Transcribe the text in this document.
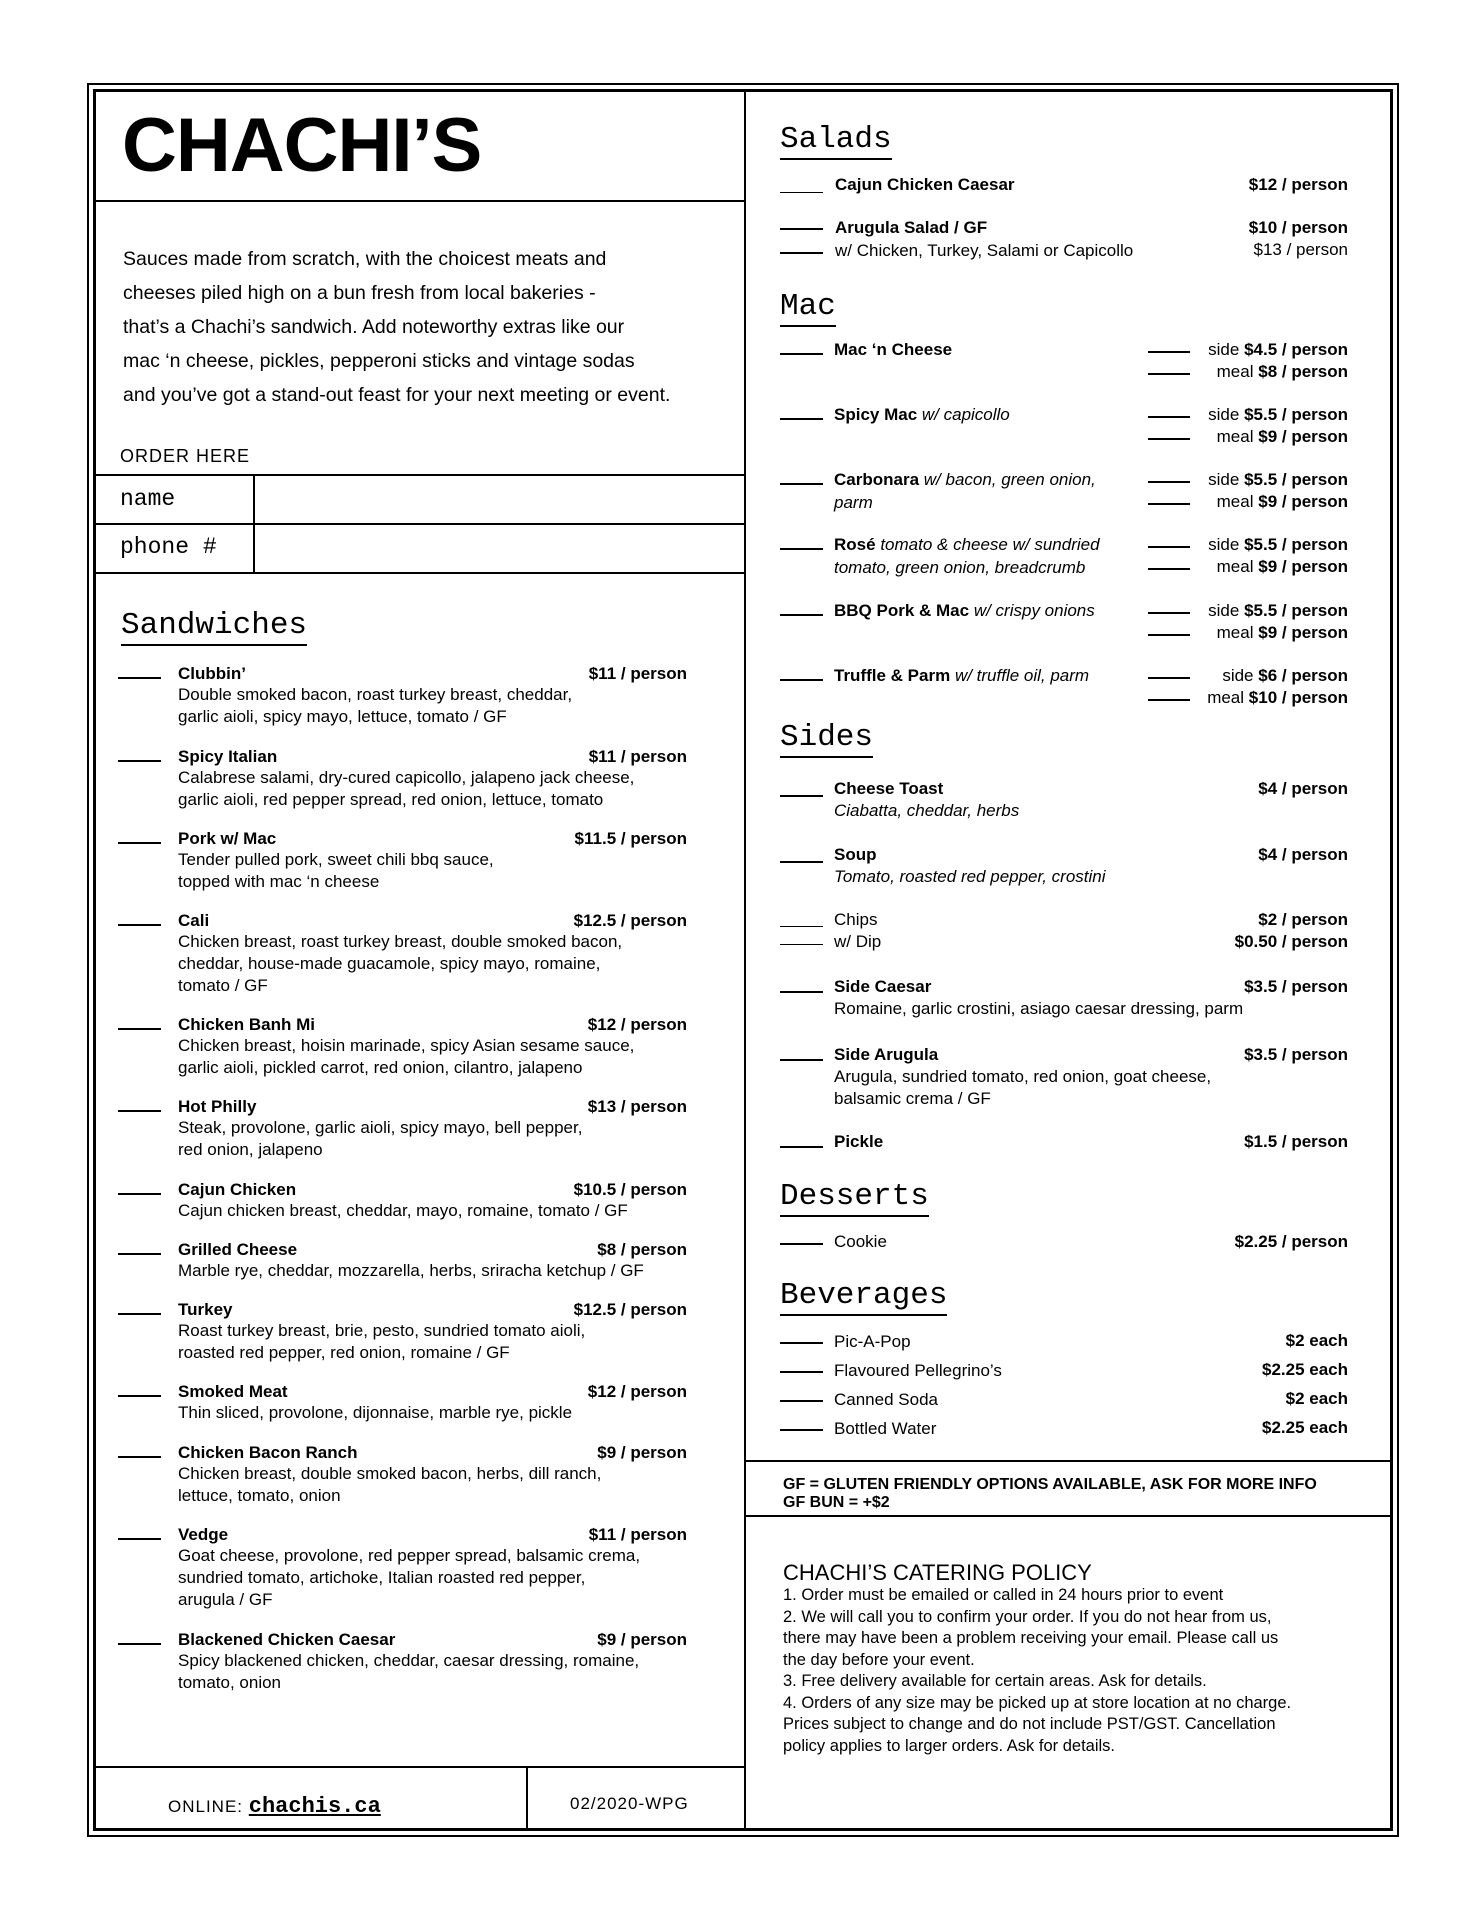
CHACHI’S
Sauces made from scratch, with the choicest meats and
cheeses piled high on a bun fresh from local bakeries -
that’s a Chachi’s sandwich. Add noteworthy extras like our
mac ‘n cheese, pickles, pepperoni sticks and vintage sodas
and you’ve got a stand-out feast for your next meeting or event.
ORDER HERE
name
phone #
Sandwiches
Clubbin’	$11 / person
Double smoked bacon, roast turkey breast, cheddar,
garlic aioli, spicy mayo, lettuce, tomato / GF
Spicy Italian	$11 / person
Calabrese salami, dry-cured capicollo, jalapeno jack cheese,
garlic aioli, red pepper spread, red onion, lettuce, tomato
Pork w/ Mac	$11.5 / person
Tender pulled pork, sweet chili bbq sauce,
topped with mac ‘n cheese
Cali	$12.5 / person
Chicken breast, roast turkey breast, double smoked bacon,
cheddar, house-made guacamole, spicy mayo, romaine,
tomato / GF
Chicken Banh Mi	$12 / person
Chicken breast, hoisin marinade, spicy Asian sesame sauce,
garlic aioli, pickled carrot, red onion, cilantro, jalapeno
Hot Philly	$13 / person
Steak, provolone, garlic aioli, spicy mayo, bell pepper,
red onion, jalapeno
Cajun Chicken	$10.5 / person
Cajun chicken breast, cheddar, mayo, romaine, tomato / GF
Grilled Cheese	$8 / person
Marble rye, cheddar, mozzarella, herbs, sriracha ketchup / GF
Turkey	$12.5 / person
Roast turkey breast, brie, pesto, sundried tomato aioli,
roasted red pepper, red onion, romaine / GF
Smoked Meat	$12 / person
Thin sliced, provolone, dijonnaise, marble rye, pickle
Chicken Bacon Ranch	$9 / person
Chicken breast, double smoked bacon, herbs, dill ranch,
lettuce, tomato, onion
Vedge	$11 / person
Goat cheese, provolone, red pepper spread, balsamic crema,
sundried tomato, artichoke, Italian roasted red pepper,
arugula / GF
Blackened Chicken Caesar	$9 / person
Spicy blackened chicken, cheddar, caesar dressing, romaine,
tomato, onion
Salads
Cajun Chicken Caesar	$12 / person
Arugula Salad / GF	$10 / person
w/ Chicken, Turkey, Salami or Capicollo	$13 / person
Mac
Mac ‘n Cheese	side $4.5 / person
meal $8 / person
Spicy Mac w/ capicollo	side $5.5 / person
meal $9 / person
Carbonara w/ bacon, green onion,
parm
side $5.5 / person
meal $9 / person
Rosé tomato & cheese w/ sundried
tomato, green onion, breadcrumb
side $5.5 / person
meal $9 / person
BBQ Pork & Mac w/ crispy onions	side $5.5 / person
meal $9 / person
Truffle & Parm w/ truffle oil, parm	side $6 / person
meal $10 / person
Sides
Cheese Toast
Ciabatta, cheddar, herbs
$4 / person
Soup
Tomato, roasted red pepper, crostini
$4 / person
Chips	$2 / person
w/ Dip	$0.50 / person
Side Caesar
Romaine, garlic crostini, asiago caesar dressing, parm
$3.5 / person
Side Arugula
Arugula, sundried tomato, red onion, goat cheese,
balsamic crema / GF
$3.5 / person
Pickle	$1.5 / person
Desserts
Cookie	$2.25 / person
Beverages
Pic-A-Pop	$2 each
Flavoured Pellegrino’s	$2.25 each
Canned Soda	$2 each
Bottled Water	$2.25 each
GF = GLUTEN FRIENDLY OPTIONS AVAILABLE, ASK FOR MORE INFO
GF BUN = +$2
CHACHI’S CATERING POLICY
1. Order must be emailed or called in 24 hours prior to event
2. We will call you to confirm your order. If you do not hear from us,
there may have been a problem receiving your email. Please call us
the day before your event.
3. Free delivery available for certain areas. Ask for details.
4. Orders of any size may be picked up at store location at no charge.
Prices subject to change and do not include PST/GST. Cancellation
policy applies to larger orders. Ask for details.
ONLINE: chachis.ca	02/2020-WPG
